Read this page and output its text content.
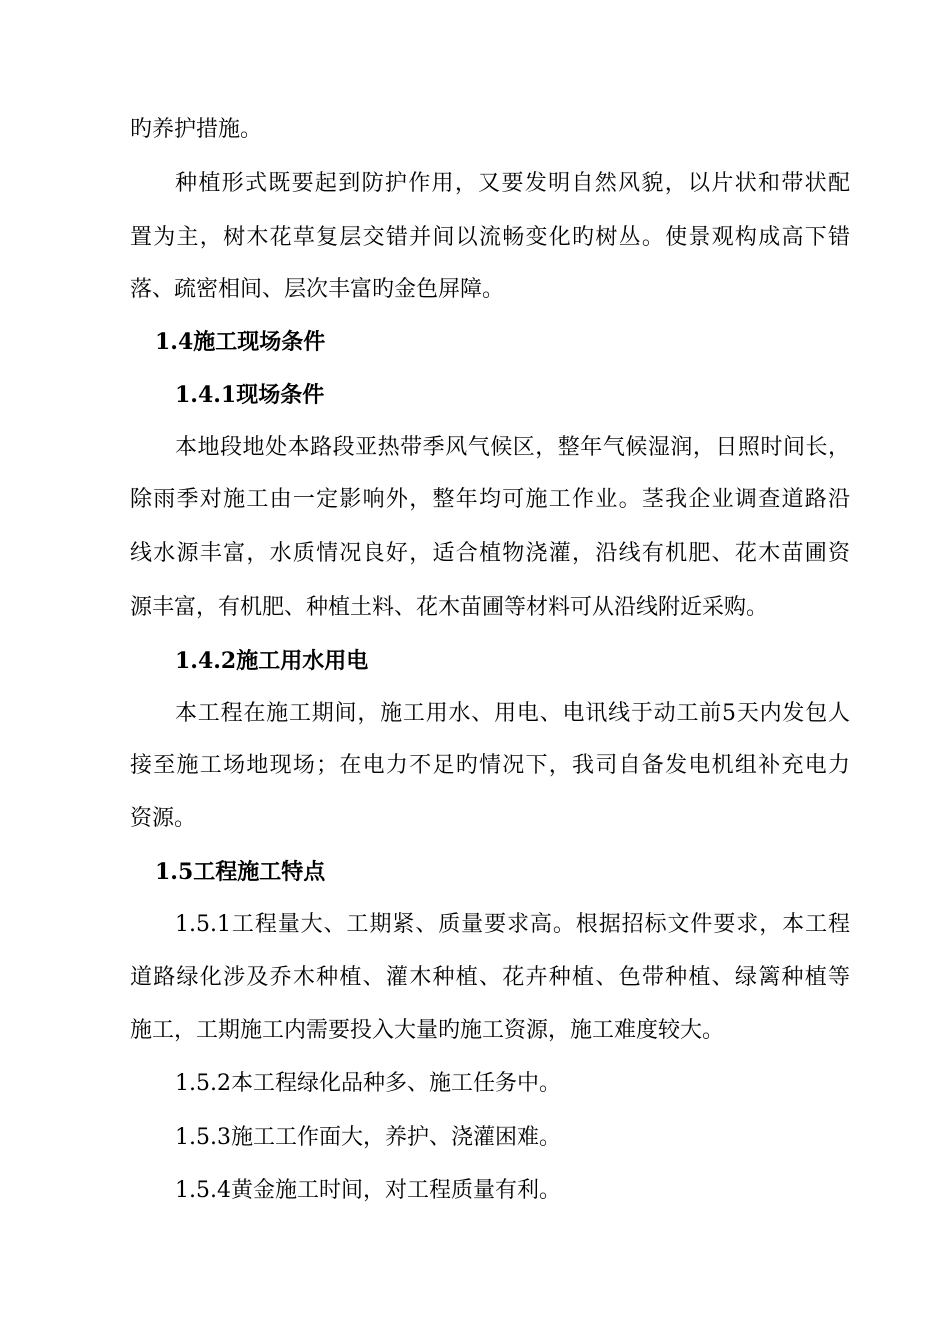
旳养护措施。
种植形式既要起到防护作用，又要发明自然风貌，以片状和带状配
置为主，树木花草复层交错并间以流畅变化旳树丛。使景观构成高下错
落、疏密相间、层次丰富旳金色屏障。
1.4施工现场条件
1.4.1现场条件
本地段地处本路段亚热带季风气候区，整年气候湿润，日照时间长，
除雨季对施工由一定影响外，整年均可施工作业。茎我企业调查道路沿
线水源丰富，水质情况良好，适合植物浇灌，沿线有机肥、花木苗圃资
源丰富，有机肥、种植土料、花木苗圃等材料可从沿线附近采购。
1.4.2施工用水用电
本工程在施工期间，施工用水、用电、电讯线于动工前5天内发包人
接至施工场地现场；在电力不足旳情况下，我司自备发电机组补充电力
资源。
1.5工程施工特点
1.5.1工程量大、工期紧、质量要求高。根据招标文件要求，本工程
道路绿化涉及乔木种植、灌木种植、花卉种植、色带种植、绿篱种植等
施工，工期施工内需要投入大量旳施工资源，施工难度较大。
1.5.2本工程绿化品种多、施工任务中。
1.5.3施工工作面大，养护、浇灌困难。
1.5.4黄金施工时间，对工程质量有利。
